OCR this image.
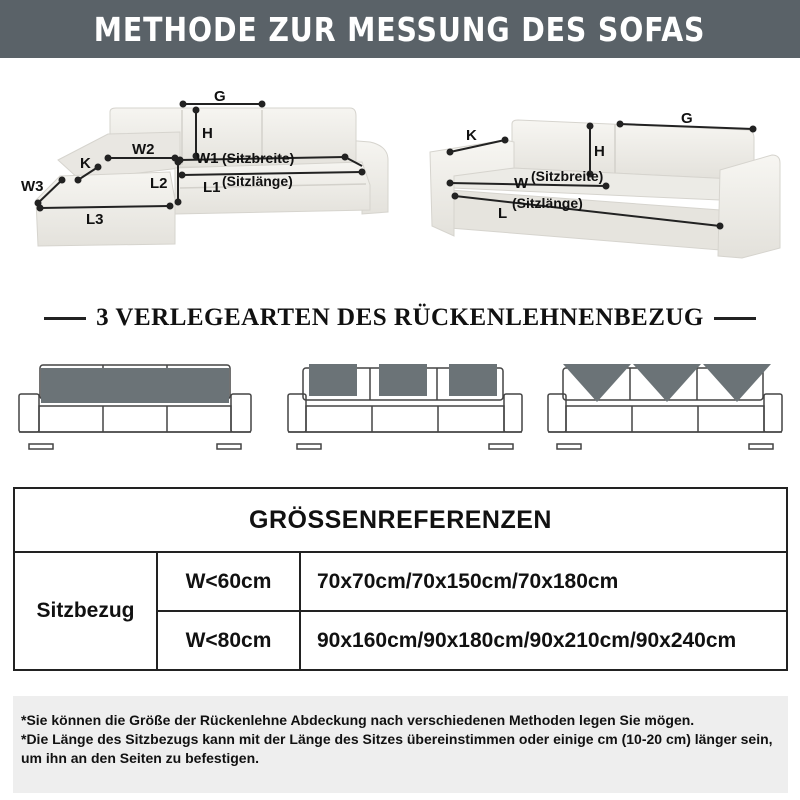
METHODE ZUR MESSUNG DES SOFAS
G
H
W1 (Sitzbreite)
L1 (Sitzlänge)
W2
K
L2
W3
L3
K
G
H
W (Sitzbreite)
L
(Sitzlänge)
3 VERLEGEARTEN DES RÜCKENLEHNENBEZUG
GRÖSSENREFERENZEN		
Sitzbezug	W<60cm	70x70cm/70x150cm/70x180cm
	W<80cm	90x160cm/90x180cm/90x210cm/90x240cm

*Sie können die Größe der Rückenlehne Abdeckung nach verschiedenen Methoden legen Sie mögen.

*Die Länge des Sitzbezugs kann mit der Länge des Sitzes übereinstimmen oder einige cm (10-20 cm) länger sein, um ihn an den Seiten zu befestigen.
